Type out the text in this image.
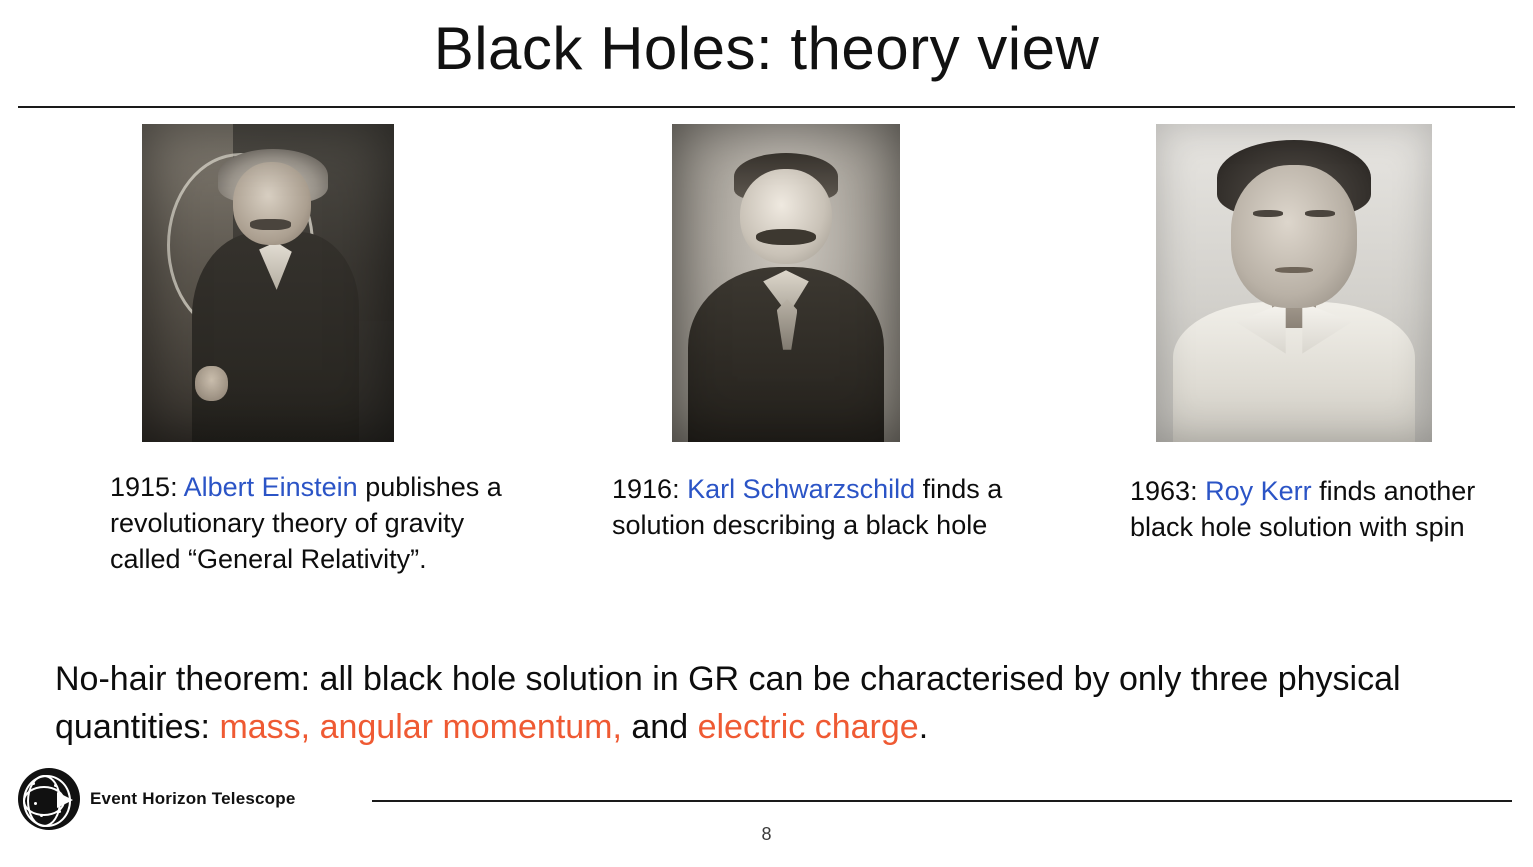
Black Holes: theory view
1915: Albert Einstein publishes a revolutionary theory of gravity called “General Relativity”.
1916: Karl Schwarzschild finds a solution describing a black hole
1963: Roy Kerr finds another black hole solution with spin
No-hair theorem: all black hole solution in GR can be characterised by only three physical quantities: mass, angular momentum, and electric charge.
Event Horizon Telescope
8
